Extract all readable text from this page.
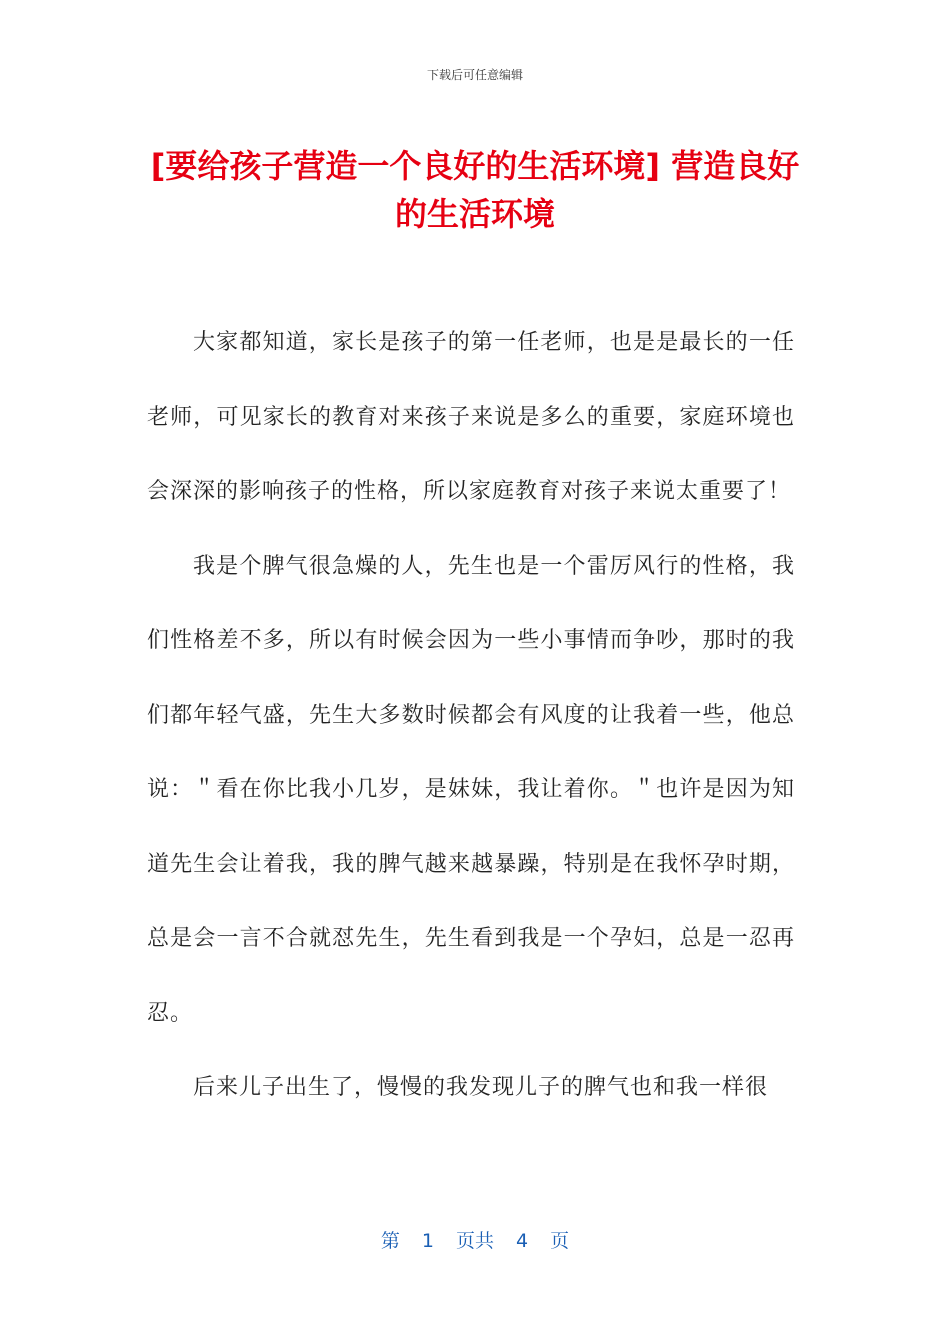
下载后可任意编辑
[要给孩子营造一个良好的生活环境] 营造良好的生活环境

大家都知道，家长是孩子的第一任老师，也是是最长的一任老师，可见家长的教育对来孩子来说是多么的重要，家庭环境也会深深的影响孩子的性格，所以家庭教育对孩子来说太重要了！

我是个脾气很急燥的人，先生也是一个雷厉风行的性格，我们性格差不多，所以有时候会因为一些小事情而争吵，那时的我们都年轻气盛，先生大多数时候都会有风度的让我着一些，他总说：＂看在你比我小几岁，是妹妹，我让着你。＂也许是因为知道先生会让着我，我的脾气越来越暴躁，特别是在我怀孕时期，总是会一言不合就怼先生，先生看到我是一个孕妇，总是一忍再忍。

后来儿子出生了，慢慢的我发现儿子的脾气也和我一样很

第 1 页共 4 页
